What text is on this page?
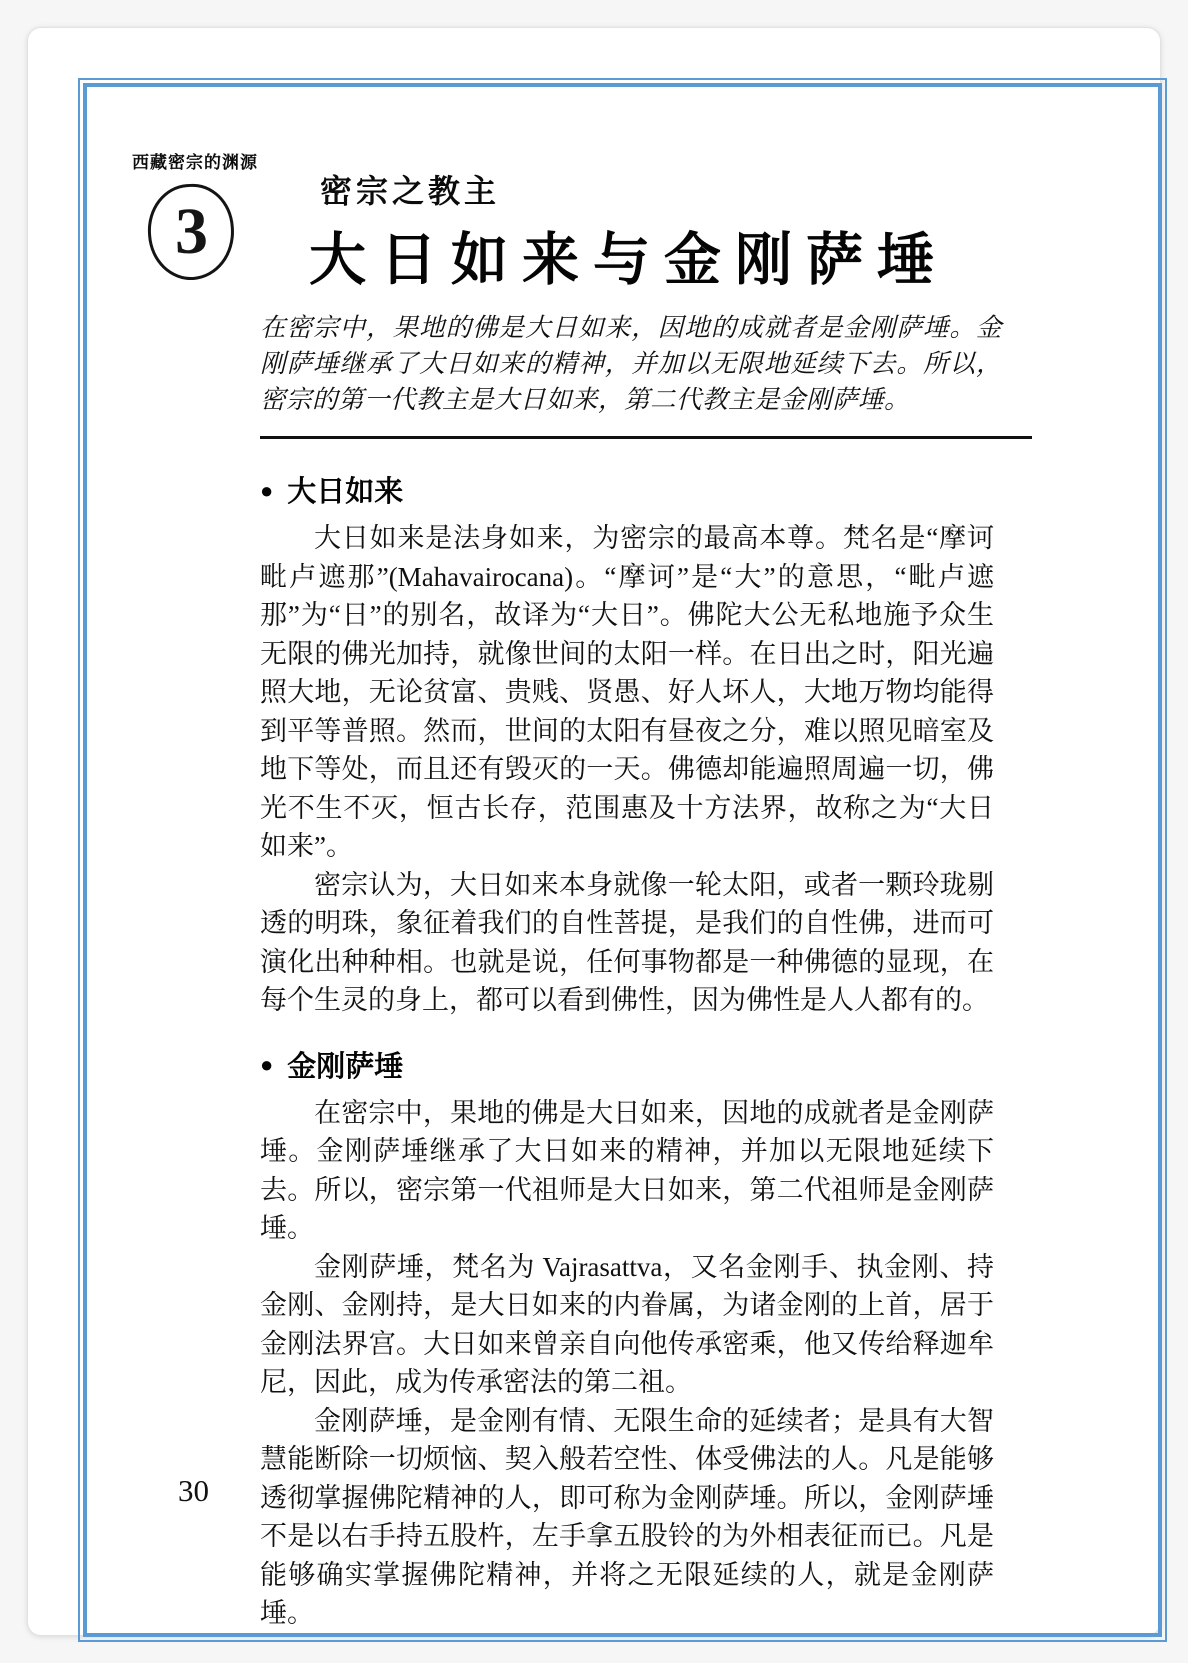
西藏密宗的渊源
3
密宗之教主
大日如来与金刚萨埵

在密宗中，果地的佛是大日如来，因地的成就者是金刚萨埵。金刚萨埵继承了大日如来的精神，并加以无限地延续下去。所以，密宗的第一代教主是大日如来，第二代教主是金刚萨埵。

● 大日如来

大日如来是法身如来，为密宗的最高本尊。梵名是“摩诃毗卢遮那”(Mahavairocana)。“摩诃”是“大”的意思，“毗卢遮那”为“日”的别名，故译为“大日”。佛陀大公无私地施予众生无限的佛光加持，就像世间的太阳一样。在日出之时，阳光遍照大地，无论贫富、贵贱、贤愚、好人坏人，大地万物均能得到平等普照。然而，世间的太阳有昼夜之分，难以照见暗室及地下等处，而且还有毁灭的一天。佛德却能遍照周遍一切，佛光不生不灭，恒古长存，范围惠及十方法界，故称之为“大日如来”。

密宗认为，大日如来本身就像一轮太阳，或者一颗玲珑剔透的明珠，象征着我们的自性菩提，是我们的自性佛，进而可演化出种种相。也就是说，任何事物都是一种佛德的显现，在每个生灵的身上，都可以看到佛性，因为佛性是人人都有的。

● 金刚萨埵

在密宗中，果地的佛是大日如来，因地的成就者是金刚萨埵。金刚萨埵继承了大日如来的精神，并加以无限地延续下去。所以，密宗第一代祖师是大日如来，第二代祖师是金刚萨埵。

金刚萨埵，梵名为 Vajrasattva，又名金刚手、执金刚、持金刚、金刚持，是大日如来的内眷属，为诸金刚的上首，居于金刚法界宫。大日如来曾亲自向他传承密乘，他又传给释迦牟尼，因此，成为传承密法的第二祖。

金刚萨埵，是金刚有情、无限生命的延续者；是具有大智慧能断除一切烦恼、契入般若空性、体受佛法的人。凡是能够透彻掌握佛陀精神的人，即可称为金刚萨埵。所以，金刚萨埵不是以右手持五股杵，左手拿五股铃的为外相表征而已。凡是能够确实掌握佛陀精神，并将之无限延续的人，就是金刚萨埵。

30
